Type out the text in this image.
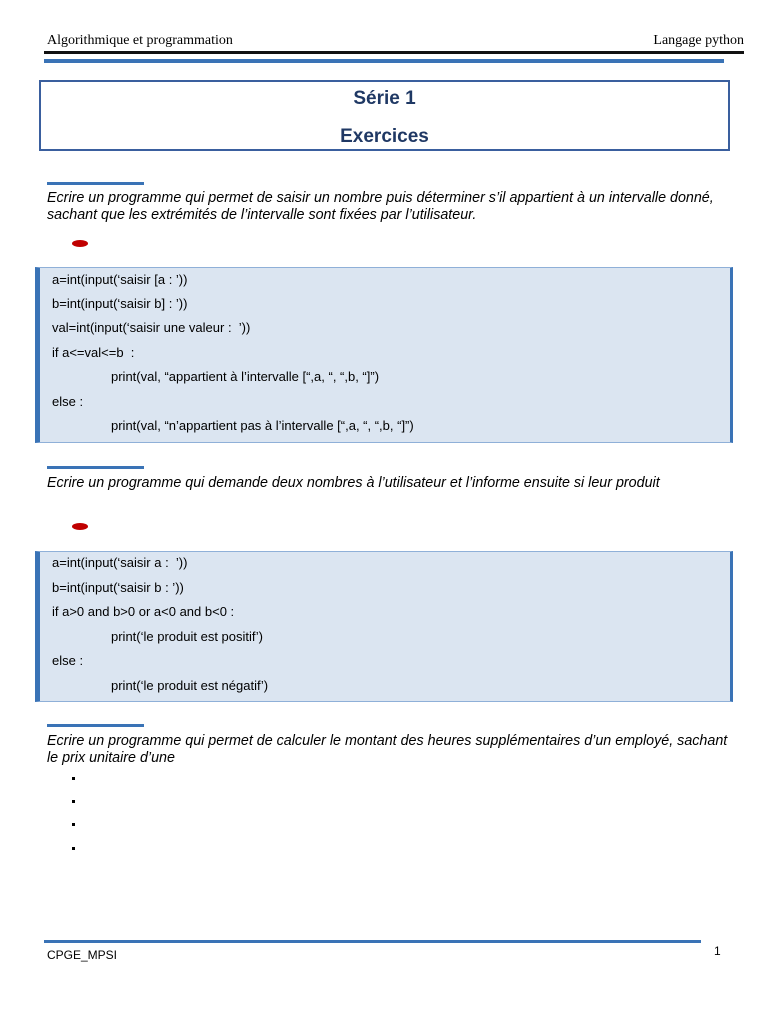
Algorithmique et programmation	Langage python
Série 1
Exercices
Ecrire un programme qui permet de saisir un nombre puis déterminer s’il appartient à un intervalle donné, sachant que les extrémités de l’intervalle sont fixées par l’utilisateur.
a=int(input(‘saisir [a : ’))
b=int(input(‘saisir b] : ’))
val=int(input(‘saisir une valeur :  ’))
if a<=val<=b  :
print(val, “appartient à l’intervalle [“,a, “, “,b, “]”)
else :
print(val, “n’appartient pas à l’intervalle [“,a, “, “,b, “]”)
Ecrire un programme qui demande deux nombres à l’utilisateur et l’informe ensuite si leur produit
a=int(input(‘saisir a :  ’))
b=int(input(‘saisir b : ’))
if a>0 and b>0 or a<0 and b<0 :
print(‘le produit est positif’)
else :
print(‘le produit est négatif’)
Ecrire un programme qui permet de calculer le montant des heures supplémentaires d’un employé, sachant le prix unitaire d’une
CPGE_MPSI	1
